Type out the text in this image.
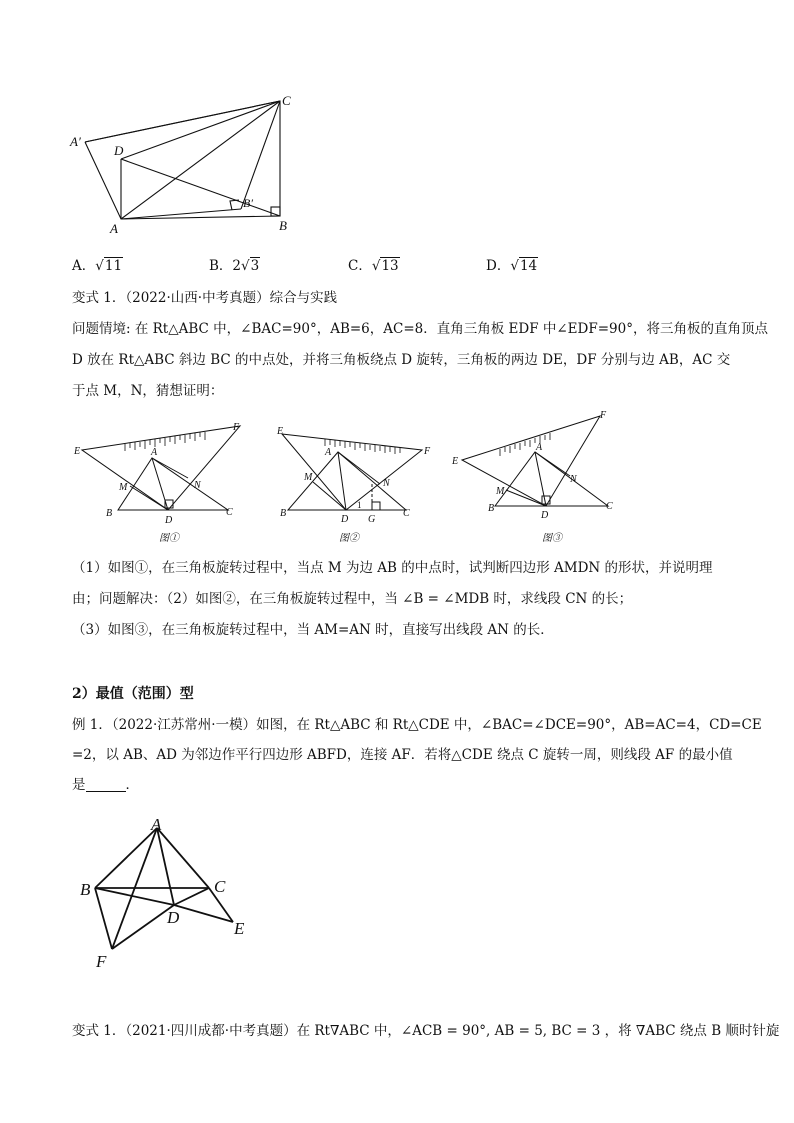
C
A′
D
B′
A	B
A．√11	B．2√3	C．√13	D．√14
变式 1．（2022·山西·中考真题）综合与实践
问题情境: 在 Rt△ABC 中，∠BAC=90°，AB=6，AC=8．直角三角板 EDF 中∠EDF=90°，将三角板的直角顶点
D 放在 Rt△ABC 斜边 BC 的中点处，并将三角板绕点 D 旋转，三角板的两边 DE，DF 分别与边 AB，AC 交
于点 M，N，猜想证明：
E
F
A
M	N
B
D
C
图①
E
F
A
M
N
B
D
1
G
C
图②
E
F
A
M
N
B
D
C
图③
（1）如图①，在三角板旋转过程中，当点 M 为边 AB 的中点时，试判断四边形 AMDN 的形状，并说明理
由；问题解决：（2）如图②，在三角板旋转过程中，当 ∠B = ∠MDB 时，求线段 CN 的长；
（3）如图③，在三角板旋转过程中，当 AM=AN 时，直接写出线段 AN 的长．
2）最值（范围）型
例 1．（2022·江苏常州·一模）如图，在 Rt△ABC 和 Rt△CDE 中，∠BAC=∠DCE=90°，AB=AC=4，CD=CE
=2，以 AB、AD 为邻边作平行四边形 ABFD，连接 AF．若将△CDE 绕点 C 旋转一周，则线段 AF 的最小值
是	．
A
B	C
D
E
F
变式 1．（2021·四川成都·中考真题）在 Rt∇ABC 中，∠ACB = 90°, AB = 5, BC = 3 ，将 ∇ABC 绕点 B 顺时针旋
